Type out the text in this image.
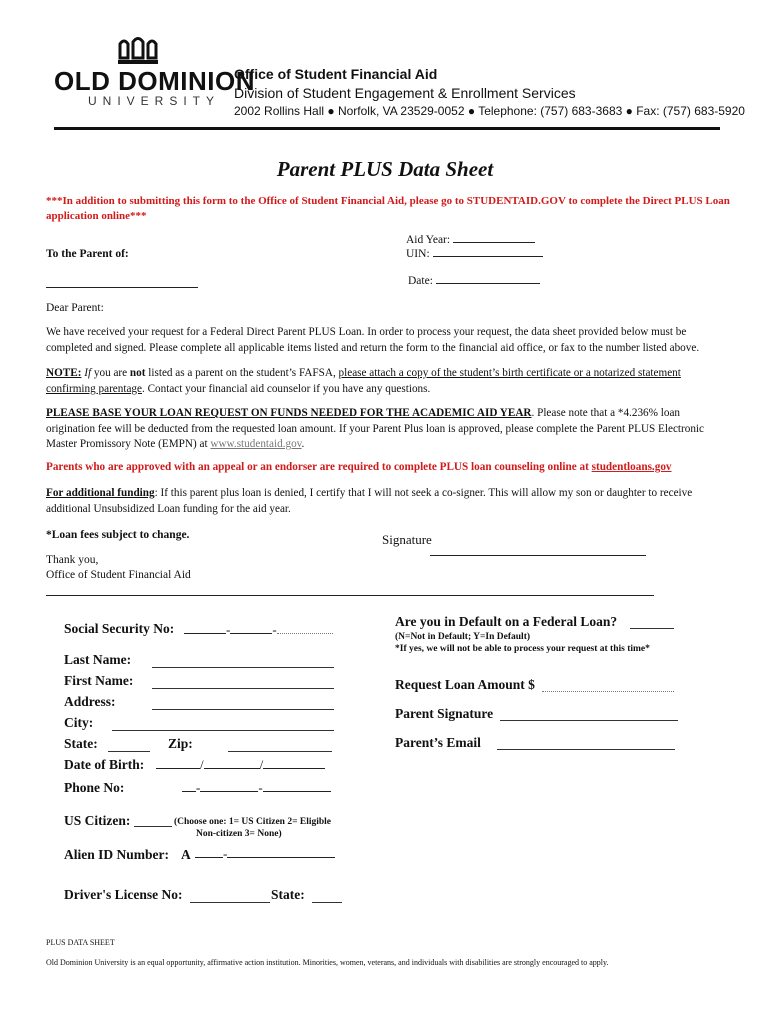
OLD DOMINION
UNIVERSITY
Office of Student Financial Aid
Division of Student Engagement & Enrollment Services
2002 Rollins Hall ● Norfolk, VA 23529-0052 ● Telephone: (757) 683-3683 ● Fax: (757) 683-5920
Parent PLUS Data Sheet
***In addition to submitting this form to the Office of Student Financial Aid, please go to STUDENTAID.GOV to complete the Direct PLUS Loan application online***
Aid Year:
UIN:
To the Parent of:
Date:
Dear Parent:
We have received your request for a Federal Direct Parent PLUS Loan. In order to process your request, the data sheet provided below must be completed and signed. Please complete all applicable items listed and return the form to the financial aid office, or fax to the number listed above.
NOTE: If you are not listed as a parent on the student’s FAFSA, please attach a copy of the student’s birth certificate or a notarized statement confirming parentage. Contact your financial aid counselor if you have any questions.
PLEASE BASE YOUR LOAN REQUEST ON FUNDS NEEDED FOR THE ACADEMIC AID YEAR. Please note that a *4.236% loan origination fee will be deducted from the requested loan amount. If your Parent Plus loan is approved, please complete the Parent PLUS Electronic Master Promissory Note (EMPN) at www.studentaid.gov.
Parents who are approved with an appeal or an endorser are required to complete PLUS loan counseling online at studentloans.gov
For additional funding: If this parent plus loan is denied, I certify that I will not seek a co-signer. This will allow my son or daughter to receive additional Unsubsidized Loan funding for the aid year.
*Loan fees subject to change.	Signature
Thank you,
Office of Student Financial Aid
Social Security No:	-	-
Last Name:
First Name:
Address:
City:
State:	Zip:
Date of Birth:	/	/
Phone No:	-	-
US Citizen:	(Choose one: 1= US Citizen 2= Eligible
Non-citizen 3= None)
Alien ID Number: A	-
Driver's License No:	State:
Are you in Default on a Federal Loan?
(N=Not in Default; Y=In Default)
*If yes, we will not be able to process your request at this time*
Request Loan Amount $
Parent Signature
Parent’s Email
PLUS DATA SHEET
Old Dominion University is an equal opportunity, affirmative action institution. Minorities, women, veterans, and individuals with disabilities are strongly encouraged to apply.
